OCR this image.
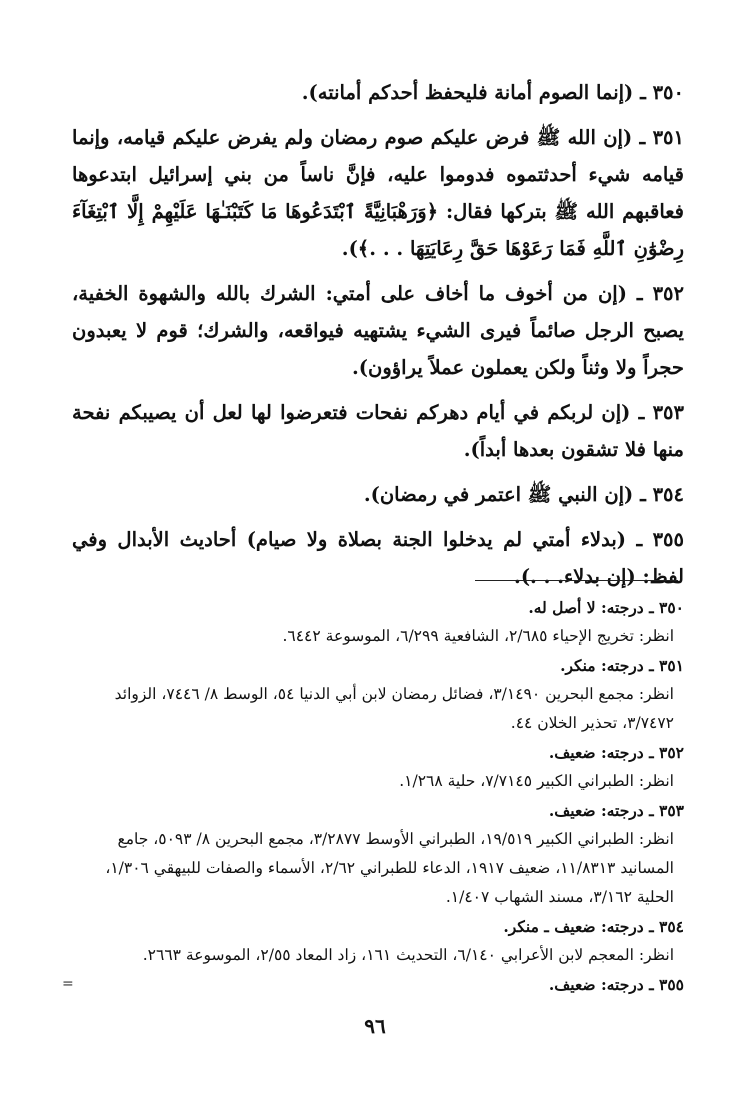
٣٥٠ ـ (إنما الصوم أمانة فليحفظ أحدكم أمانته).

٣٥١ ـ (إن الله ﷺ فرض عليكم صوم رمضان ولم يفرض عليكم قيامه، وإنما قيامه شيء أحدثتموه فدوموا عليه، فإنَّ ناساً من بني إسرائيل ابتدعوها فعاقبهم الله ﷺ بتركها فقال: ﴿وَرَهْبَانِيَّةً ٱبْتَدَعُوهَا مَا كَتَبْنَـٰهَا عَلَيْهِمْ إِلَّا ٱبْتِغَآءَ رِضْوَٰنِ ٱللَّهِ فَمَا رَعَوْهَا حَقَّ رِعَايَتِهَا . . .﴾).

٣٥٢ ـ (إن من أخوف ما أخاف على أمتي: الشرك بالله والشهوة الخفية، يصبح الرجل صائماً فيرى الشيء يشتهيه فيواقعه، والشرك؛ قوم لا يعبدون حجراً ولا وثناً ولكن يعملون عملاً يراؤون).

٣٥٣ ـ (إن لربكم في أيام دهركم نفحات فتعرضوا لها لعل أن يصيبكم نفحة منها فلا تشقون بعدها أبداً).

٣٥٤ ـ (إن النبي ﷺ اعتمر في رمضان).

٣٥٥ ـ (بدلاء أمتي لم يدخلوا الجنة بصلاة ولا صيام) أحاديث الأبدال وفي لفظ: (إن بدلاء. . .).

٣٥٠ ـ درجته: لا أصل له.
انظر: تخريج الإحياء ٢/٦٨٥، الشافعية ٦/٢٩٩، الموسوعة ٦٤٤٢.
٣٥١ ـ درجته: منكر.
انظر: مجمع البحرين ٣/١٤٩٠، فضائل رمضان لابن أبي الدنيا ٥٤، الوسط ٨/ ٧٤٤٦، الزوائد ٣/٧٤٧٢، تحذير الخلان ٤٤.
٣٥٢ ـ درجته: ضعيف.
انظر: الطبراني الكبير ٧/٧١٤٥، حلية ١/٢٦٨.
٣٥٣ ـ درجته: ضعيف.
انظر: الطبراني الكبير ١٩/٥١٩، الطبراني الأوسط ٣/٢٨٧٧، مجمع البحرين ٨/ ٥٠٩٣، جامع المسانيد ١١/٨٣١٣، ضعيف ١٩١٧، الدعاء للطبراني ٢/٦٢، الأسماء والصفات للبيهقي ١/٣٠٦، الحلية ٣/١٦٢، مسند الشهاب ١/٤٠٧.
٣٥٤ ـ درجته: ضعيف ـ منكر.
انظر: المعجم لابن الأعرابي ٦/١٤٠، التحديث ١٦١، زاد المعاد ٢/٥٥، الموسوعة ٢٦٦٣.
٣٥٥ ـ درجته: ضعيف.
=
٩٦
